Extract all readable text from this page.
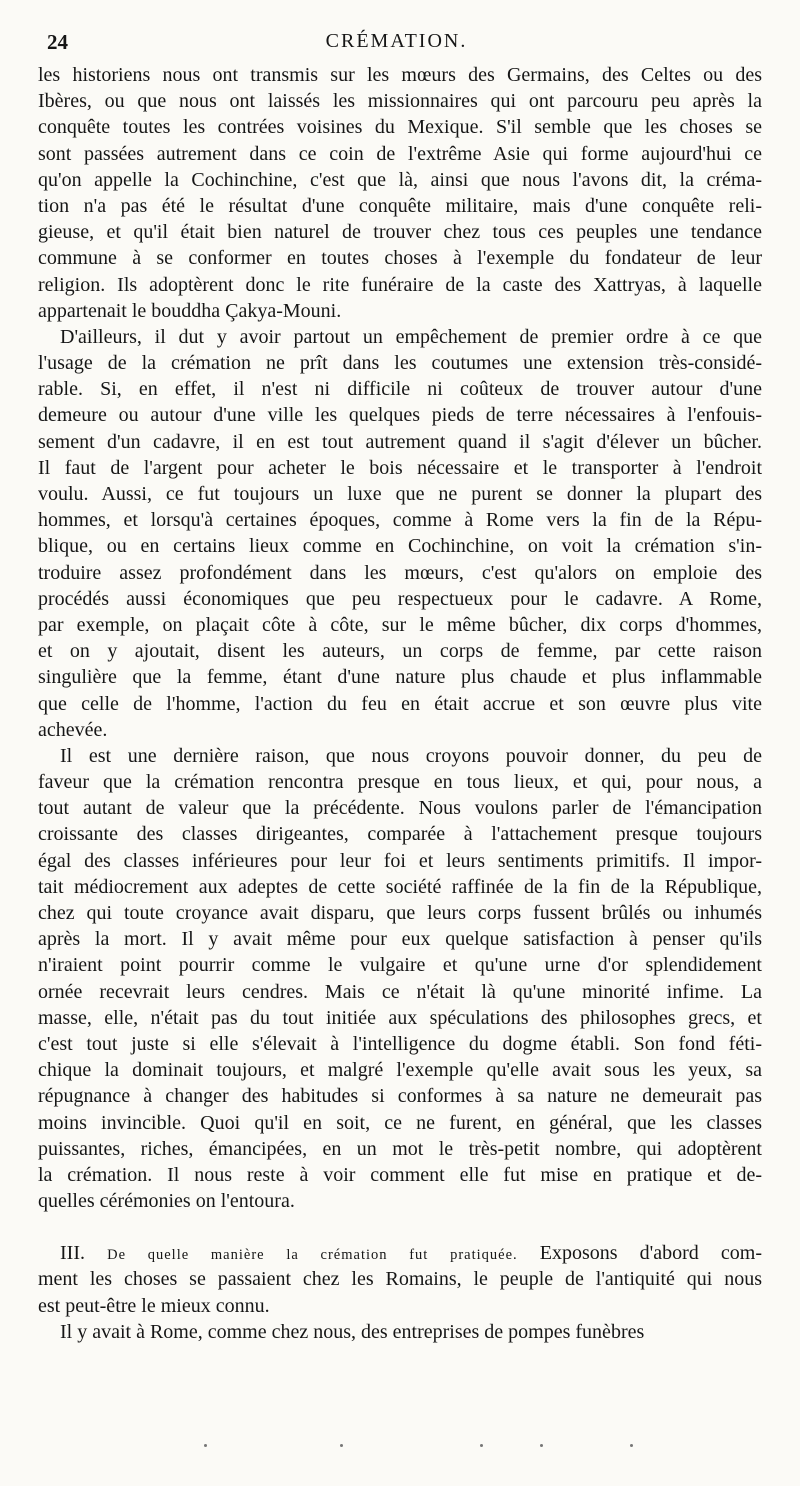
24	CRÉMATION.
les historiens nous ont transmis sur les mœurs des Germains, des Celtes ou des
Ibères, ou que nous ont laissés les missionnaires qui ont parcouru peu après la
conquête toutes les contrées voisines du Mexique. S'il semble que les choses se
sont passées autrement dans ce coin de l'extrême Asie qui forme aujourd'hui ce
qu'on appelle la Cochinchine, c'est que là, ainsi que nous l'avons dit, la créma-
tion n'a pas été le résultat d'une conquête militaire, mais d'une conquête reli-
gieuse, et qu'il était bien naturel de trouver chez tous ces peuples une tendance
commune à se conformer en toutes choses à l'exemple du fondateur de leur
religion. Ils adoptèrent donc le rite funéraire de la caste des Xattryas, à laquelle
appartenait le bouddha Çakya-Mouni.
D'ailleurs, il dut y avoir partout un empêchement de premier ordre à ce que
l'usage de la crémation ne prît dans les coutumes une extension très-considé-
rable. Si, en effet, il n'est ni difficile ni coûteux de trouver autour d'une
demeure ou autour d'une ville les quelques pieds de terre nécessaires à l'enfouis-
sement d'un cadavre, il en est tout autrement quand il s'agit d'élever un bûcher.
Il faut de l'argent pour acheter le bois nécessaire et le transporter à l'endroit
voulu. Aussi, ce fut toujours un luxe que ne purent se donner la plupart des
hommes, et lorsqu'à certaines époques, comme à Rome vers la fin de la Répu-
blique, ou en certains lieux comme en Cochinchine, on voit la crémation s'in-
troduire assez profondément dans les mœurs, c'est qu'alors on emploie des
procédés aussi économiques que peu respectueux pour le cadavre. A Rome,
par exemple, on plaçait côte à côte, sur le même bûcher, dix corps d'hommes,
et on y ajoutait, disent les auteurs, un corps de femme, par cette raison
singulière que la femme, étant d'une nature plus chaude et plus inflammable
que celle de l'homme, l'action du feu en était accrue et son œuvre plus vite
achevée.
Il est une dernière raison, que nous croyons pouvoir donner, du peu de
faveur que la crémation rencontra presque en tous lieux, et qui, pour nous, a
tout autant de valeur que la précédente. Nous voulons parler de l'émancipation
croissante des classes dirigeantes, comparée à l'attachement presque toujours
égal des classes inférieures pour leur foi et leurs sentiments primitifs. Il impor-
tait médiocrement aux adeptes de cette société raffinée de la fin de la République,
chez qui toute croyance avait disparu, que leurs corps fussent brûlés ou inhumés
après la mort. Il y avait même pour eux quelque satisfaction à penser qu'ils
n'iraient point pourrir comme le vulgaire et qu'une urne d'or splendidement
ornée recevrait leurs cendres. Mais ce n'était là qu'une minorité infime. La
masse, elle, n'était pas du tout initiée aux spéculations des philosophes grecs, et
c'est tout juste si elle s'élevait à l'intelligence du dogme établi. Son fond féti-
chique la dominait toujours, et malgré l'exemple qu'elle avait sous les yeux, sa
répugnance à changer des habitudes si conformes à sa nature ne demeurait pas
moins invincible. Quoi qu'il en soit, ce ne furent, en général, que les classes
puissantes, riches, émancipées, en un mot le très-petit nombre, qui adoptèrent
la crémation. Il nous reste à voir comment elle fut mise en pratique et de-
quelles cérémonies on l'entoura.
III. De quelle manière la crémation fut pratiquée. Exposons d'abord com-
ment les choses se passaient chez les Romains, le peuple de l'antiquité qui nous
est peut-être le mieux connu.
Il y avait à Rome, comme chez nous, des entreprises de pompes funèbres
